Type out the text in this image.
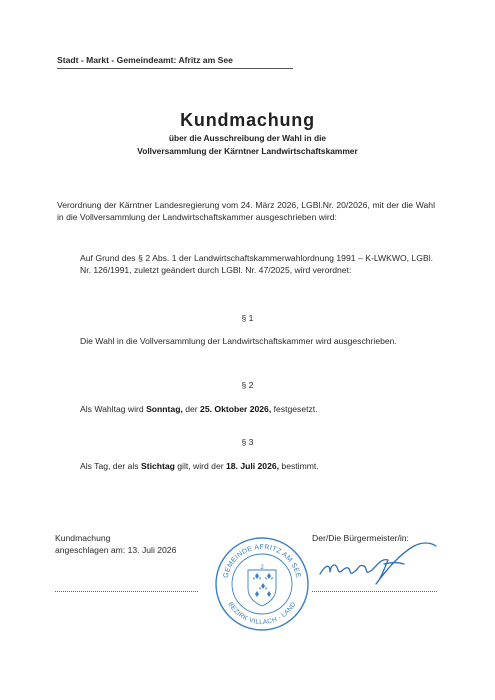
Stadt - Markt - Gemeindeamt: Afritz am See
Kundmachung
über die Ausschreibung der Wahl in die
Vollversammlung der Kärntner Landwirtschaftskammer
Verordnung der Kärntner Landesregierung vom 24. März 2026, LGBl.Nr. 20/2026, mit der die Wahl in die Vollversammlung der Landwirtschaftskammer ausgeschrieben wird:
Auf Grund des § 2 Abs. 1 der Landwirtschaftskammerwahlordnung 1991 – K-LWKWO, LGBl. Nr. 126/1991, zuletzt geändert durch LGBl. Nr. 47/2025, wird verordnet:
§ 1
Die Wahl in die Vollversammlung der Landwirtschaftskammer wird ausgeschrieben.
§ 2
Als Wahltag wird Sonntag, der 25. Oktober 2026, festgesetzt.
§ 3
Als Tag, der als Stichtag gilt, wird der 18. Juli 2026, bestimmt.
Kundmachung
angeschlagen am: 13. Juli 2026
Der/Die Bürgermeister/in:
GEMEINDE AFRITZ AM SEE
BEZIRK VILLACH - LAND
2
